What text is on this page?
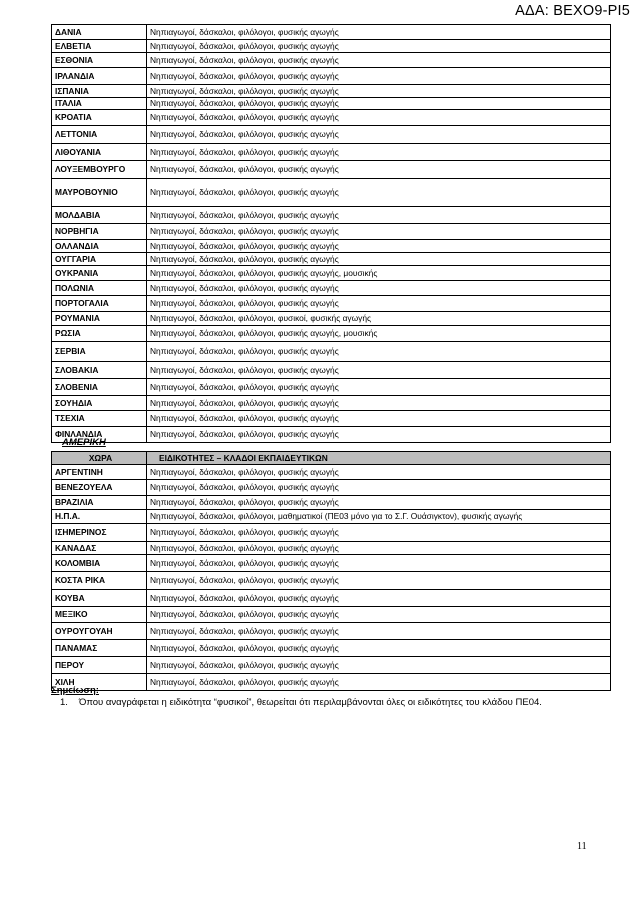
ΑΔΑ: ΒΕΧΟ9-ΡΙ5
ΔΑΝΙΑ	Νηπιαγωγοί, δάσκαλοι, φιλόλογοι, φυσικής αγωγής
ΕΛΒΕΤΙΑ	Νηπιαγωγοί, δάσκαλοι, φιλόλογοι, φυσικής αγωγής
ΕΣΘΟΝΙΑ	Νηπιαγωγοί, δάσκαλοι, φιλόλογοι, φυσικής αγωγής
ΙΡΛΑΝΔΙΑ	Νηπιαγωγοί, δάσκαλοι, φιλόλογοι, φυσικής αγωγής
ΙΣΠΑΝΙΑ	Νηπιαγωγοί, δάσκαλοι, φιλόλογοι, φυσικής αγωγής
ΙΤΑΛΙΑ	Νηπιαγωγοί, δάσκαλοι, φιλόλογοι, φυσικής αγωγής
ΚΡΟΑΤΙΑ	Νηπιαγωγοί, δάσκαλοι, φιλόλογοι, φυσικής αγωγής
ΛΕΤΤΟΝΙΑ	Νηπιαγωγοί, δάσκαλοι, φιλόλογοι, φυσικής αγωγής
ΛΙΘΟΥΑΝΙΑ	Νηπιαγωγοί, δάσκαλοι, φιλόλογοι, φυσικής αγωγής
ΛΟΥΞΕΜΒΟΥΡΓΟ	Νηπιαγωγοί, δάσκαλοι, φιλόλογοι, φυσικής αγωγής
ΜΑΥΡΟΒΟΥΝΙΟ	Νηπιαγωγοί, δάσκαλοι, φιλόλογοι, φυσικής αγωγής
ΜΟΛΔΑΒΙΑ	Νηπιαγωγοί, δάσκαλοι, φιλόλογοι, φυσικής αγωγής
ΝΟΡΒΗΓΙΑ	Νηπιαγωγοί, δάσκαλοι, φιλόλογοι, φυσικής αγωγής
ΟΛΛΑΝΔΙΑ	Νηπιαγωγοί, δάσκαλοι, φιλόλογοι, φυσικής αγωγής
ΟΥΓΓΑΡΙΑ	Νηπιαγωγοί, δάσκαλοι, φιλόλογοι, φυσικής αγωγής
ΟΥΚΡΑΝΙΑ	Νηπιαγωγοί, δάσκαλοι, φιλόλογοι, φυσικής αγωγής, μουσικής
ΠΟΛΩΝΙΑ	Νηπιαγωγοί, δάσκαλοι, φιλόλογοι, φυσικής αγωγής
ΠΟΡΤΟΓΑΛΙΑ	Νηπιαγωγοί, δάσκαλοι, φιλόλογοι, φυσικής αγωγής
ΡΟΥΜΑΝΙΑ	Νηπιαγωγοί, δάσκαλοι, φιλόλογοι, φυσικοί, φυσικής αγωγής
ΡΩΣΙΑ	Νηπιαγωγοί, δάσκαλοι, φιλόλογοι, φυσικής αγωγής, μουσικής
ΣΕΡΒΙΑ	Νηπιαγωγοί, δάσκαλοι, φιλόλογοι, φυσικής αγωγής
ΣΛΟΒΑΚΙΑ	Νηπιαγωγοί, δάσκαλοι, φιλόλογοι, φυσικής αγωγής
ΣΛΟΒΕΝΙΑ	Νηπιαγωγοί, δάσκαλοι, φιλόλογοι, φυσικής αγωγής
ΣΟΥΗΔΙΑ	Νηπιαγωγοί, δάσκαλοι, φιλόλογοι, φυσικής αγωγής
ΤΣΕΧΙΑ	Νηπιαγωγοί, δάσκαλοι, φιλόλογοι, φυσικής αγωγής
ΦΙΝΛΑΝΔΙΑ	Νηπιαγωγοί, δάσκαλοι, φιλόλογοι, φυσικής αγωγής
ΑΜΕΡΙΚΗ
ΧΩΡΑ	ΕΙΔΙΚΟΤΗΤΕΣ – ΚΛΑΔΟΙ ΕΚΠΑΙΔΕΥΤΙΚΩΝ
ΑΡΓΕΝΤΙΝΗ	Νηπιαγωγοί, δάσκαλοι, φιλόλογοι, φυσικής αγωγής
ΒΕΝΕΖΟΥΕΛΑ	Νηπιαγωγοί, δάσκαλοι, φιλόλογοι, φυσικής αγωγής
ΒΡΑΖΙΛΙΑ	Νηπιαγωγοί, δάσκαλοι, φιλόλογοι, φυσικής αγωγής
Η.Π.Α.	Νηπιαγωγοί, δάσκαλοι, φιλόλογοι, μαθηματικοί (ΠΕ03 μόνο για το Σ.Γ. Ουάσιγκτον), φυσικής αγωγής
ΙΣΗΜΕΡΙΝΟΣ	Νηπιαγωγοί, δάσκαλοι, φιλόλογοι, φυσικής αγωγής
ΚΑΝΑΔΑΣ	Νηπιαγωγοί, δάσκαλοι, φιλόλογοι, φυσικής αγωγής
ΚΟΛΟΜΒΙΑ	Νηπιαγωγοί, δάσκαλοι, φιλόλογοι, φυσικής αγωγής
ΚΟΣΤΑ ΡΙΚΑ	Νηπιαγωγοί, δάσκαλοι, φιλόλογοι, φυσικής αγωγής
ΚΟΥΒΑ	Νηπιαγωγοί, δάσκαλοι, φιλόλογοι, φυσικής αγωγής
ΜΕΞΙΚΟ	Νηπιαγωγοί, δάσκαλοι, φιλόλογοι, φυσικής αγωγής
ΟΥΡΟΥΓΟΥΑΗ	Νηπιαγωγοί, δάσκαλοι, φιλόλογοι, φυσικής αγωγής
ΠΑΝΑΜΑΣ	Νηπιαγωγοί, δάσκαλοι, φιλόλογοι, φυσικής αγωγής
ΠΕΡΟΥ	Νηπιαγωγοί, δάσκαλοι, φιλόλογοι, φυσικής αγωγής
ΧΙΛΗ	Νηπιαγωγοί, δάσκαλοι, φιλόλογοι, φυσικής αγωγής
Σημείωση:
1. Όπου αναγράφεται η ειδικότητα “φυσικοί”, θεωρείται ότι περιλαμβάνονται όλες οι ειδικότητες του κλάδου ΠΕ04.
11
